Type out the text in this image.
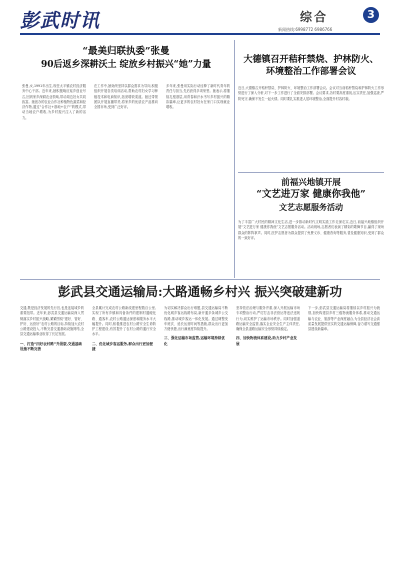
彭武时讯	综合	3
新闻热线:6998772 6986766
“最美归联执委”张曼
90后返乡深耕沃土 绽放乡村振兴“她”力量
张曼,女,1991年出生,现任太平镇农村经济服务中心干部。近年来,她积极响应返乡创业号召,回到家乡深耕农业领域,带动周边妇女共同致富。她创办的农业合作社种植特色蔬菜和经济作物,通过“合作社+基地+农户”的模式,带动当地农户增收,为乡村振兴注入了新的活力。
在工作中,她始终坚持以群众需求为导向,积极组织开展各类培训活动,帮助农村妇女学习种植技术和电商知识,拓宽增收渠道。她还带领团队开展直播带货,将家乡的优质农产品推向全国市场,受到广泛好评。
多年来,张曼用实际行动诠释了新时代青年的责任与担当,先后获得多项荣誉。她表示,将继续扎根基层,用青春和汗水书写乡村振兴的精彩篇章,让更多的农村妇女在家门口实现就业增收。
大德镇召开秸秆禁烧、护林防火、
环境整治工作部署会议
近日,大德镇召开秸秆禁烧、护林防火、环境整治工作部署会议。会议对当前秸秆禁烧和护林防火工作形势进行了深入分析,对下一步工作进行了全面安排部署。会议要求,各村要高度重视,压实责任,加强巡查,严防死守,确保不发生一起火情。同时要扎实推进人居环境整治,全面提升村容村貌。
前福兴地镇开展
“文艺进万家 健康你我他”
文艺志愿服务活动
为了丰富广大村民的精神文化生活,进一步推动新时代文明实践工作走深走实,近日,前福兴地镇组织开展“文艺进万家 健康你我他”文艺志愿服务活动。活动现场,志愿者们表演了精彩的歌舞节目,赢得了现场群众的阵阵掌声。同时,医护志愿者为群众提供了免费义诊、健康咨询等服务,普及健康知识,受到了群众的一致好评。
彭武县交通运输局:大路通畅乡村兴 振兴突破建新功
交通,既是经济发展的先行官,也是连接城乡的重要纽带。近年来,彭武县交通运输局深入贯彻落实乡村振兴战略,紧紧围绕“建好、管好、护好、运营好”农村公路的目标,持续加大农村公路建设投入,不断完善交通基础设施网络,全县交通运输事业取得了长足发展。
一、打造“四好农村路”升级版,交通基础设施不断完善
全县累计完成农村公路新改建里程数百公里,实现了所有乡镇和具备条件的建制村通硬化路、通客车,农村公路通达深度和服务水平大幅提升。同时,积极推进农村公路安全生命防护工程建设,有效提升了农村公路的通行安全水平。
二、优化城乡客运服务,群众出行更加便捷
为切实解决群众出行难题,县交通运输局不断优化城乡客运线路布局,新开通多条城乡公交线路,推动城乡客运一体化发展。通过调整发车班次、延长运营时间等措施,群众出行更加方便快捷,出行满意度持续提升。
三、强化运输市场监管,运输环境持续优化
坚持依法治理与服务并重,深入开展运输市场专项整治行动,严厉打击非法营运等违法违规行为,切实维护了运输市场秩序。同时加强道路运输安全监管,落实企业安全生产主体责任,确保全县道路运输安全形势持续稳定。
四、加快物流体系建设,助力乡村产业发展
下一步,彭武县交通运输局将继续以乡村振兴为统领,加快构建县乡村三级物流服务体系,推动交通运输与农业、旅游等产业深度融合,为全县经济社会高质量发展提供坚实的交通运输保障,奋力谱写交通强县建设新篇章。
